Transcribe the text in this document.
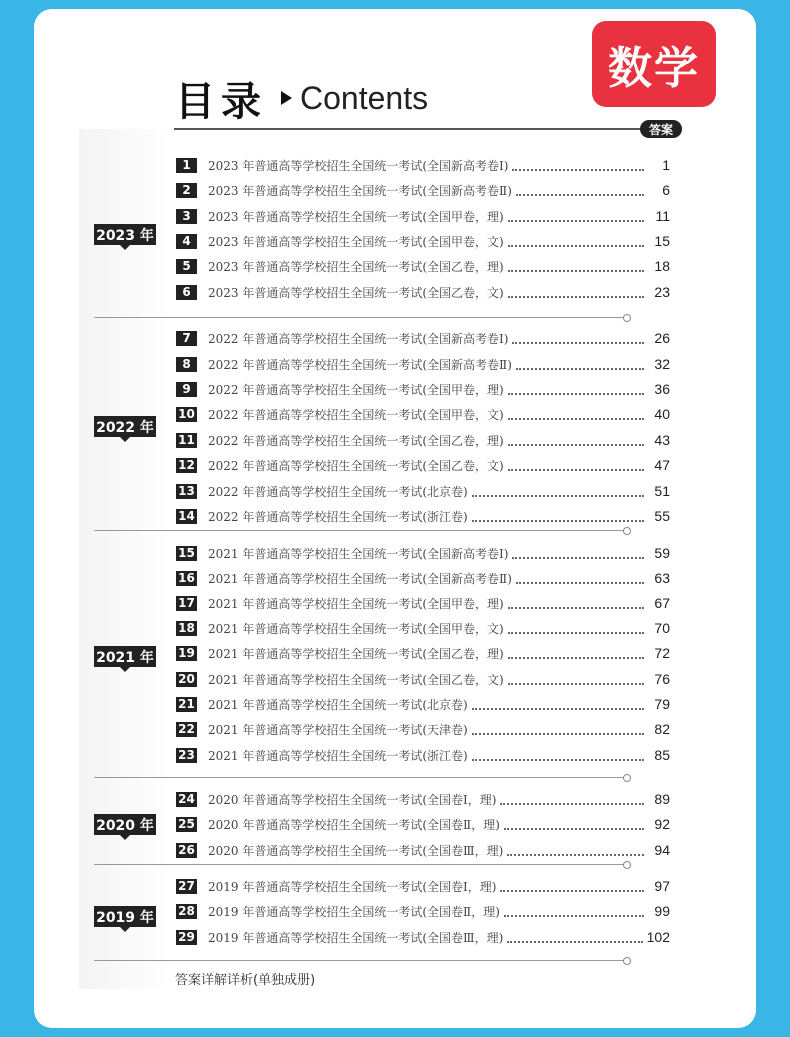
数学
目录 Contents
答案
2023 年
1	2023 年普通高等学校招生全国统一考试(全国新高考卷Ⅰ)	1
2	2023 年普通高等学校招生全国统一考试(全国新高考卷Ⅱ)	6
3	2023 年普通高等学校招生全国统一考试(全国甲卷，理)	11
4	2023 年普通高等学校招生全国统一考试(全国甲卷，文)	15
5	2023 年普通高等学校招生全国统一考试(全国乙卷，理)	18
6	2023 年普通高等学校招生全国统一考试(全国乙卷，文)	23
2022 年
7	2022 年普通高等学校招生全国统一考试(全国新高考卷Ⅰ)	26
8	2022 年普通高等学校招生全国统一考试(全国新高考卷Ⅱ)	32
9	2022 年普通高等学校招生全国统一考试(全国甲卷，理)	36
10 2022 年普通高等学校招生全国统一考试(全国甲卷，文)	40
11 2022 年普通高等学校招生全国统一考试(全国乙卷，理)	43
12 2022 年普通高等学校招生全国统一考试(全国乙卷，文)	47
13 2022 年普通高等学校招生全国统一考试(北京卷)	51
14 2022 年普通高等学校招生全国统一考试(浙江卷)	55
2021 年
15 2021 年普通高等学校招生全国统一考试(全国新高考卷Ⅰ)	59
16 2021 年普通高等学校招生全国统一考试(全国新高考卷Ⅱ)	63
17 2021 年普通高等学校招生全国统一考试(全国甲卷，理)	67
18 2021 年普通高等学校招生全国统一考试(全国甲卷，文)	70
19 2021 年普通高等学校招生全国统一考试(全国乙卷，理)	72
20 2021 年普通高等学校招生全国统一考试(全国乙卷，文)	76
21 2021 年普通高等学校招生全国统一考试(北京卷)	79
22 2021 年普通高等学校招生全国统一考试(天津卷)	82
23 2021 年普通高等学校招生全国统一考试(浙江卷)	85
2020 年
24 2020 年普通高等学校招生全国统一考试(全国卷Ⅰ，理)	89
25 2020 年普通高等学校招生全国统一考试(全国卷Ⅱ，理)	92
26 2020 年普通高等学校招生全国统一考试(全国卷Ⅲ，理)	94
2019 年
27 2019 年普通高等学校招生全国统一考试(全国卷Ⅰ，理)	97
28 2019 年普通高等学校招生全国统一考试(全国卷Ⅱ，理)	99
29 2019 年普通高等学校招生全国统一考试(全国卷Ⅲ，理)	102
答案详解详析(单独成册)
